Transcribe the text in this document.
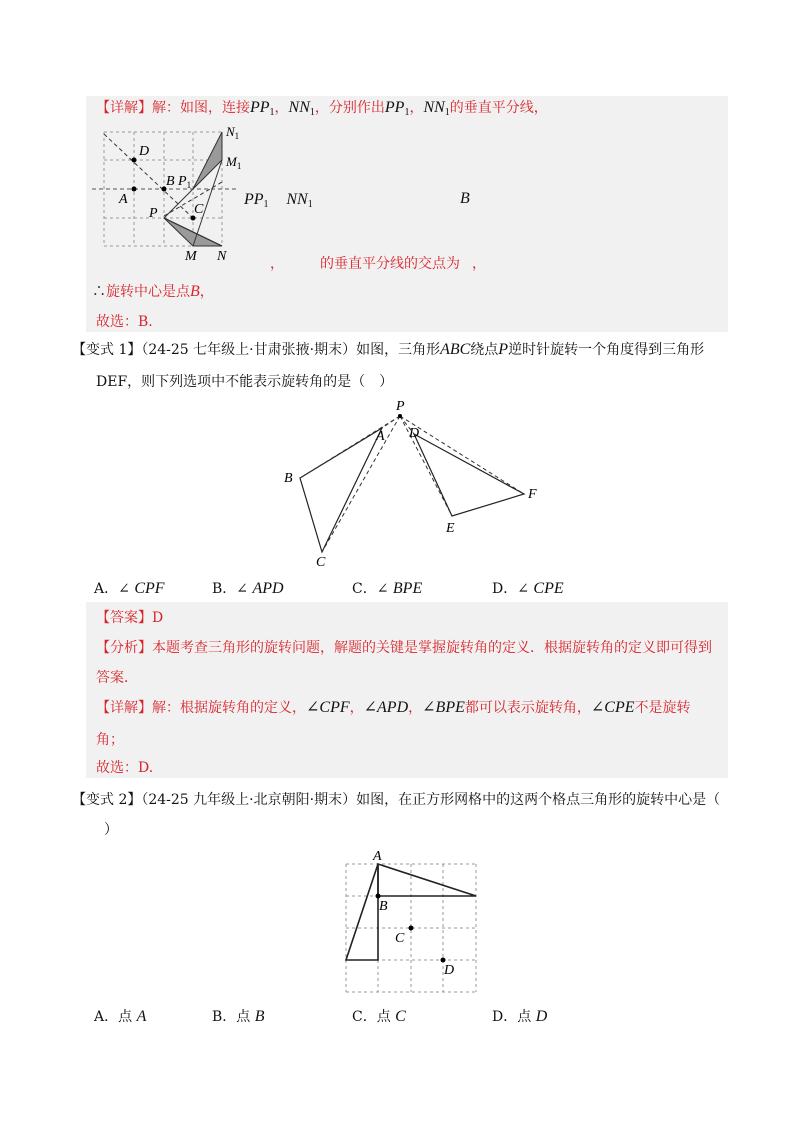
【详解】解：如图，连接$PP_1$，$NN_1$，分别作出$PP_1$，$NN_1$的垂直平分线，
$N_1$
$M_1$
D
A
B $P_1$
P	C
M N
$PP_1$ $NN_1$	B
，	的垂直平分线的交点为 ，
∴旋转中心是点B，
故选：B.
【变式 1】（24-25 七年级上·甘肃张掖·期末）如图，三角形ABC绕点P逆时针旋转一个角度得到三角形
DEF，则下列选项中不能表示旋转角的是（　）
P
A D
B
F
E
C
A．∠ CPF	B．∠ APD	C．∠ BPE	D．∠ CPE
【答案】D
【分析】本题考查三角形的旋转问题，解题的关键是掌握旋转角的定义．根据旋转角的定义即可得到
答案．
【详解】解：根据旋转角的定义，∠CPF，∠APD，∠BPE都可以表示旋转角，∠CPE不是旋转
角；
故选：D.
【变式 2】（24-25 九年级上·北京朝阳·期末）如图，在正方形网格中的这两个格点三角形的旋转中心是（
）
A
B
C
D
A．点 A	B．点 B	C．点 C	D．点 D
